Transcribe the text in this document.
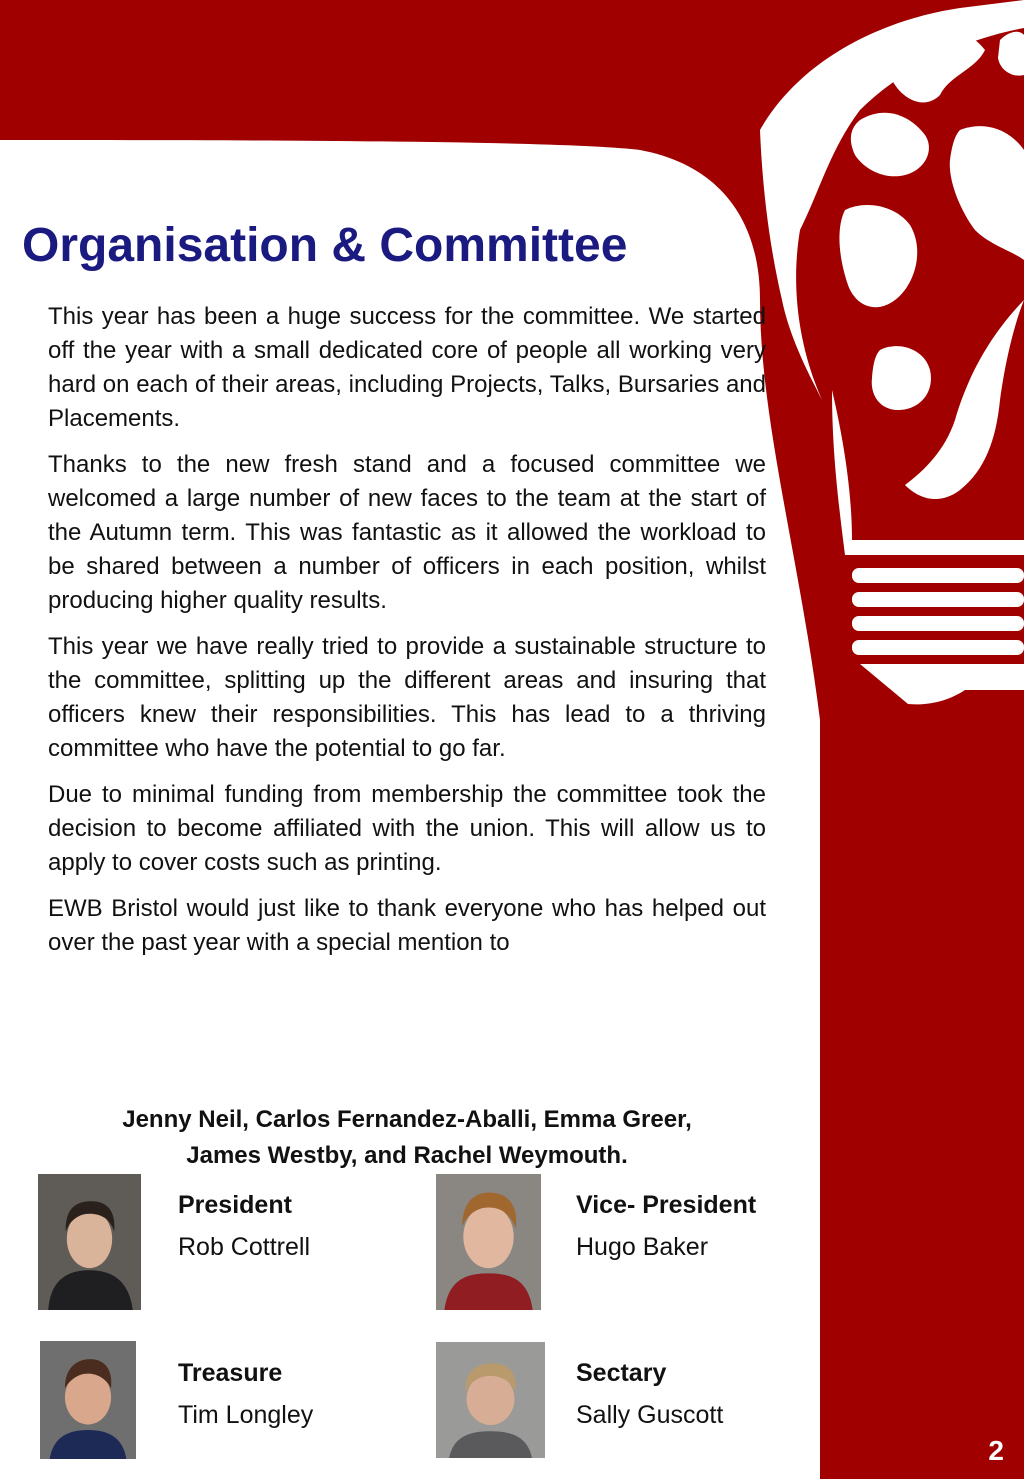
Organisation & Committee

This year has been a huge success for the committee. We started off the year with a small dedicated core of people all working very hard on each of their areas, including Projects, Talks, Bursaries and Placements.

Thanks to the new fresh stand and a focused committee we welcomed a large number of new faces to the team at the start of the Autumn term. This was fantastic as it allowed the workload to be shared between a number of officers in each position, whilst producing higher quality results.

This year we have really tried to provide a sustainable structure to the committee, splitting up the different areas and insuring that officers knew their responsibilities. This has lead to a thriving committee who have the potential to go far.

Due to minimal funding from membership the committee took the decision to become affiliated with the union. This will allow us to apply to cover costs such as printing.

EWB Bristol would just like to thank everyone who has helped out over the past year with a special mention to

Jenny Neil, Carlos Fernandez-Aballi, Emma Greer,
James Westby, and Rachel Weymouth.
President
Rob Cottrell
Vice- President
Hugo Baker
Treasure
Tim Longley
Sectary
Sally Guscott
2
